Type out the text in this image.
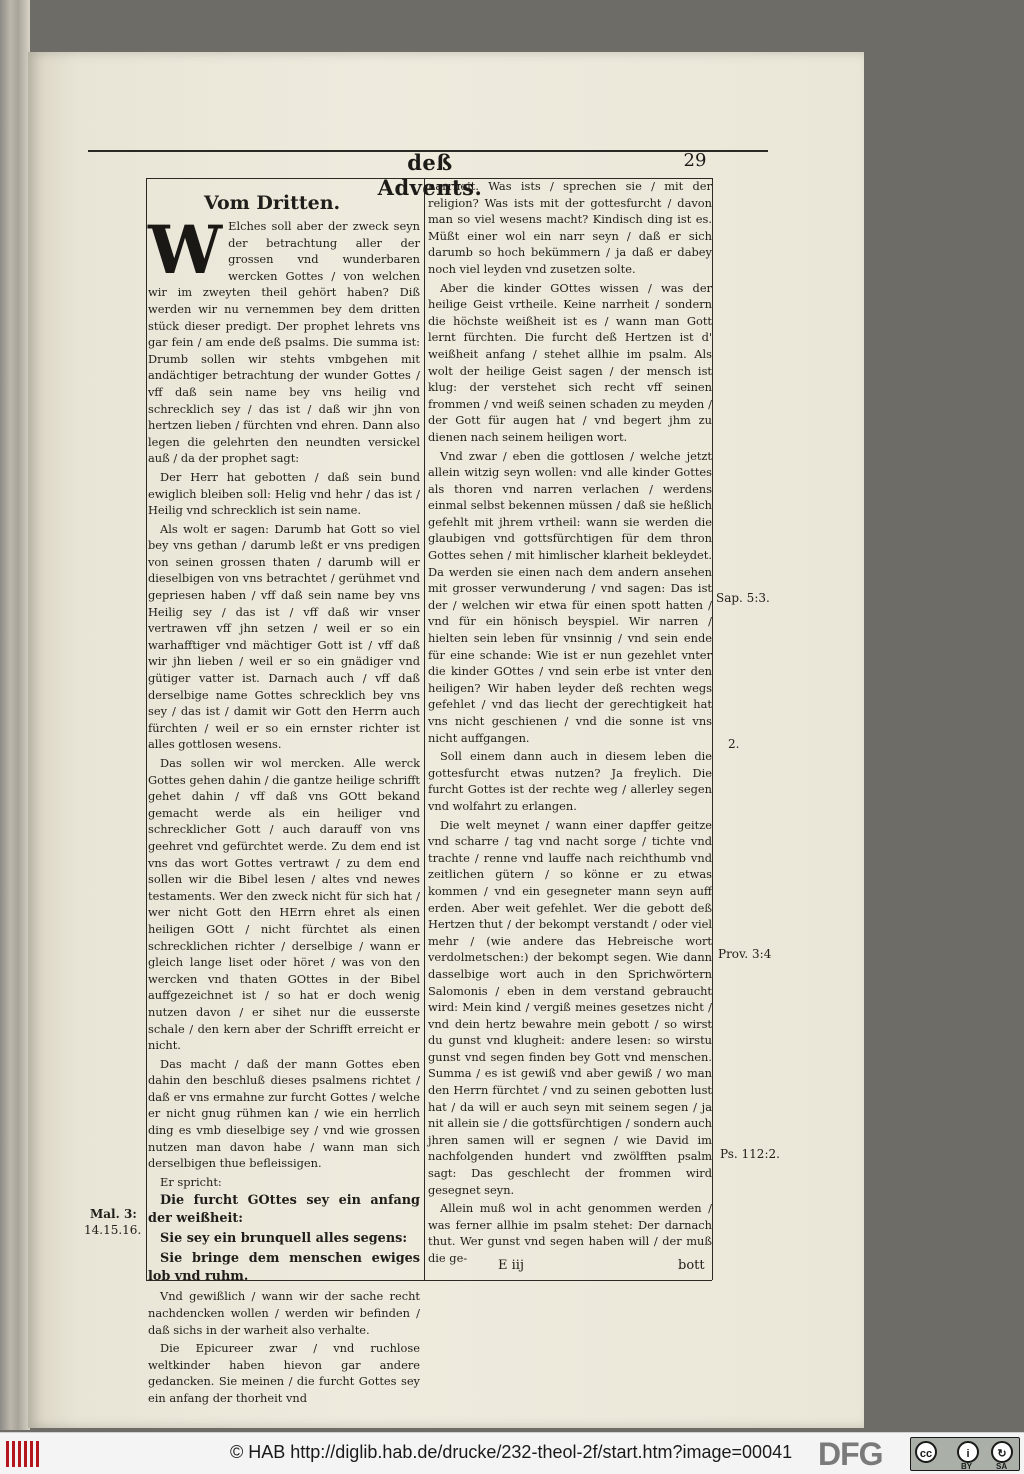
deß Advents.
29
Vom Dritten.

W Elches soll aber der zweck seyn der betrachtung aller der grossen vnd wunderbaren wercken Gottes / von welchen wir im zweyten theil gehört haben? Diß werden wir nu vernemmen bey dem dritten stück dieser predigt. Der prophet lehrets vns gar fein / am ende deß psalms. Die summa ist: Drumb sollen wir stehts vmbgehen mit andächtiger betrachtung der wunder Gottes / vff daß sein name bey vns heilig vnd schrecklich sey / das ist / daß wir jhn von hertzen lieben / fürchten vnd ehren. Dann also legen die gelehrten den neundten versickel auß / da der prophet sagt:

Der Herr hat gebotten / daß sein bund ewiglich bleiben soll: Helig vnd hehr / das ist / Heilig vnd schrecklich ist sein name.

Als wolt er sagen: Darumb hat Gott so viel bey vns gethan / darumb leßt er vns predigen von seinen grossen thaten / darumb will er dieselbigen von vns betrachtet / gerühmet vnd gepriesen haben / vff daß sein name bey vns Heilig sey / das ist / vff daß wir vnser vertrawen vff jhn setzen / weil er so ein warhafftiger vnd mächtiger Gott ist / vff daß wir jhn lieben / weil er so ein gnädiger vnd gütiger vatter ist. Darnach auch / vff daß derselbige name Gottes schrecklich bey vns sey / das ist / damit wir Gott den Herrn auch fürchten / weil er so ein ernster richter ist alles gottlosen wesens.

Das sollen wir wol mercken. Alle werck Gottes gehen dahin / die gantze heilige schrifft gehet dahin / vff daß vns GOtt bekand gemacht werde als ein heiliger vnd schrecklicher Gott / auch darauff von vns geehret vnd gefürchtet werde. Zu dem end ist vns das wort Gottes vertrawt / zu dem end sollen wir die Bibel lesen / altes vnd newes testaments. Wer den zweck nicht für sich hat / wer nicht Gott den HErrn ehret als einen heiligen GOtt / nicht fürchtet als einen schrecklichen richter / derselbige / wann er gleich lange liset oder höret / was von den wercken vnd thaten GOttes in der Bibel auffgezeichnet ist / so hat er doch wenig nutzen davon / er sihet nur die eusserste schale / den kern aber der Schrifft erreicht er nicht.

Das macht / daß der mann Gottes eben dahin den beschluß dieses psalmens richtet / daß er vns ermahne zur furcht Gottes / welche er nicht gnug rühmen kan / wie ein herrlich ding es vmb dieselbige sey / vnd wie grossen nutzen man davon habe / wann man sich derselbigen thue befleissigen.

Er spricht:

Die furcht GOttes sey ein anfang der weißheit:

Sie sey ein brunquell alles segens:

Sie bringe dem menschen ewiges lob vnd ruhm.

Vnd gewißlich / wann wir der sache recht nachdencken wollen / werden wir befinden / daß sichs in der warheit also verhalte.

Die Epicureer zwar / vnd ruchlose weltkinder haben hievon gar andere gedancken. Sie meinen / die furcht Gottes sey ein anfang der thorheit vnd

narrheit. Was ists / sprechen sie / mit der religion? Was ists mit der gottesfurcht / davon man so viel wesens macht? Kindisch ding ist es. Müßt einer wol ein narr seyn / daß er sich darumb so hoch bekümmern / ja daß er dabey noch viel leyden vnd zusetzen solte.

Aber die kinder GOttes wissen / was der heilige Geist vrtheile. Keine narrheit / sondern die höchste weißheit ist es / wann man Gott lernt fürchten. Die furcht deß Hertzen ist d' weißheit anfang / stehet allhie im psalm. Als wolt der heilige Geist sagen / der mensch ist klug: der verstehet sich recht vff seinen frommen / vnd weiß seinen schaden zu meyden / der Gott für augen hat / vnd begert jhm zu dienen nach seinem heiligen wort.

Vnd zwar / eben die gottlosen / welche jetzt allein witzig seyn wollen: vnd alle kinder Gottes als thoren vnd narren verlachen / werdens einmal selbst bekennen müssen / daß sie heßlich gefehlt mit jhrem vrtheil: wann sie werden die glaubigen vnd gottsfürchtigen für dem thron Gottes sehen / mit himlischer klarheit bekleydet. Da werden sie einen nach dem andern ansehen mit grosser verwunderung / vnd sagen: Das ist der / welchen wir etwa für einen spott hatten / vnd für ein hönisch beyspiel. Wir narren / hielten sein leben für vnsinnig / vnd sein ende für eine schande: Wie ist er nun gezehlet vnter die kinder GOttes / vnd sein erbe ist vnter den heiligen? Wir haben leyder deß rechten wegs gefehlet / vnd das liecht der gerechtigkeit hat vns nicht geschienen / vnd die sonne ist vns nicht auffgangen.

Soll einem dann auch in diesem leben die gottesfurcht etwas nutzen? Ja freylich. Die furcht Gottes ist der rechte weg / allerley segen vnd wolfahrt zu erlangen.

Die welt meynet / wann einer dapffer geitze vnd scharre / tag vnd nacht sorge / tichte vnd trachte / renne vnd lauffe nach reichthumb vnd zeitlichen gütern / so könne er zu etwas kommen / vnd ein gesegneter mann seyn auff erden. Aber weit gefehlet. Wer die gebott deß Hertzen thut / der bekompt verstandt / oder viel mehr / (wie andere das Hebreische wort verdolmetschen:) der bekompt segen. Wie dann dasselbige wort auch in den Sprichwörtern Salomonis / eben in dem verstand gebraucht wird: Mein kind / vergiß meines gesetzes nicht / vnd dein hertz bewahre mein gebott / so wirst du gunst vnd klugheit: andere lesen: so wirstu gunst vnd segen finden bey Gott vnd menschen. Summa / es ist gewiß vnd aber gewiß / wo man den Herrn fürchtet / vnd zu seinen gebotten lust hat / da will er auch seyn mit seinem segen / ja nit allein sie / die gottsfürchtigen / sondern auch jhren samen will er segnen / wie David im nachfolgenden hundert vnd zwölfften psalm sagt: Das geschlecht der frommen wird gesegnet seyn.

Allein muß wol in acht genommen werden / was ferner allhie im psalm stehet: Der darnach thut. Wer gunst vnd segen haben will / der muß die ge-

Sap. 5:3.
2.
Prov. 3:4
Ps. 112:2.
Mal. 3:
14.15.16.
E iij	bott
© HAB http://diglib.hab.de/drucke/232-theol-2f/start.htm?image=00041 DFG	cc	i	↻
BY	SA
